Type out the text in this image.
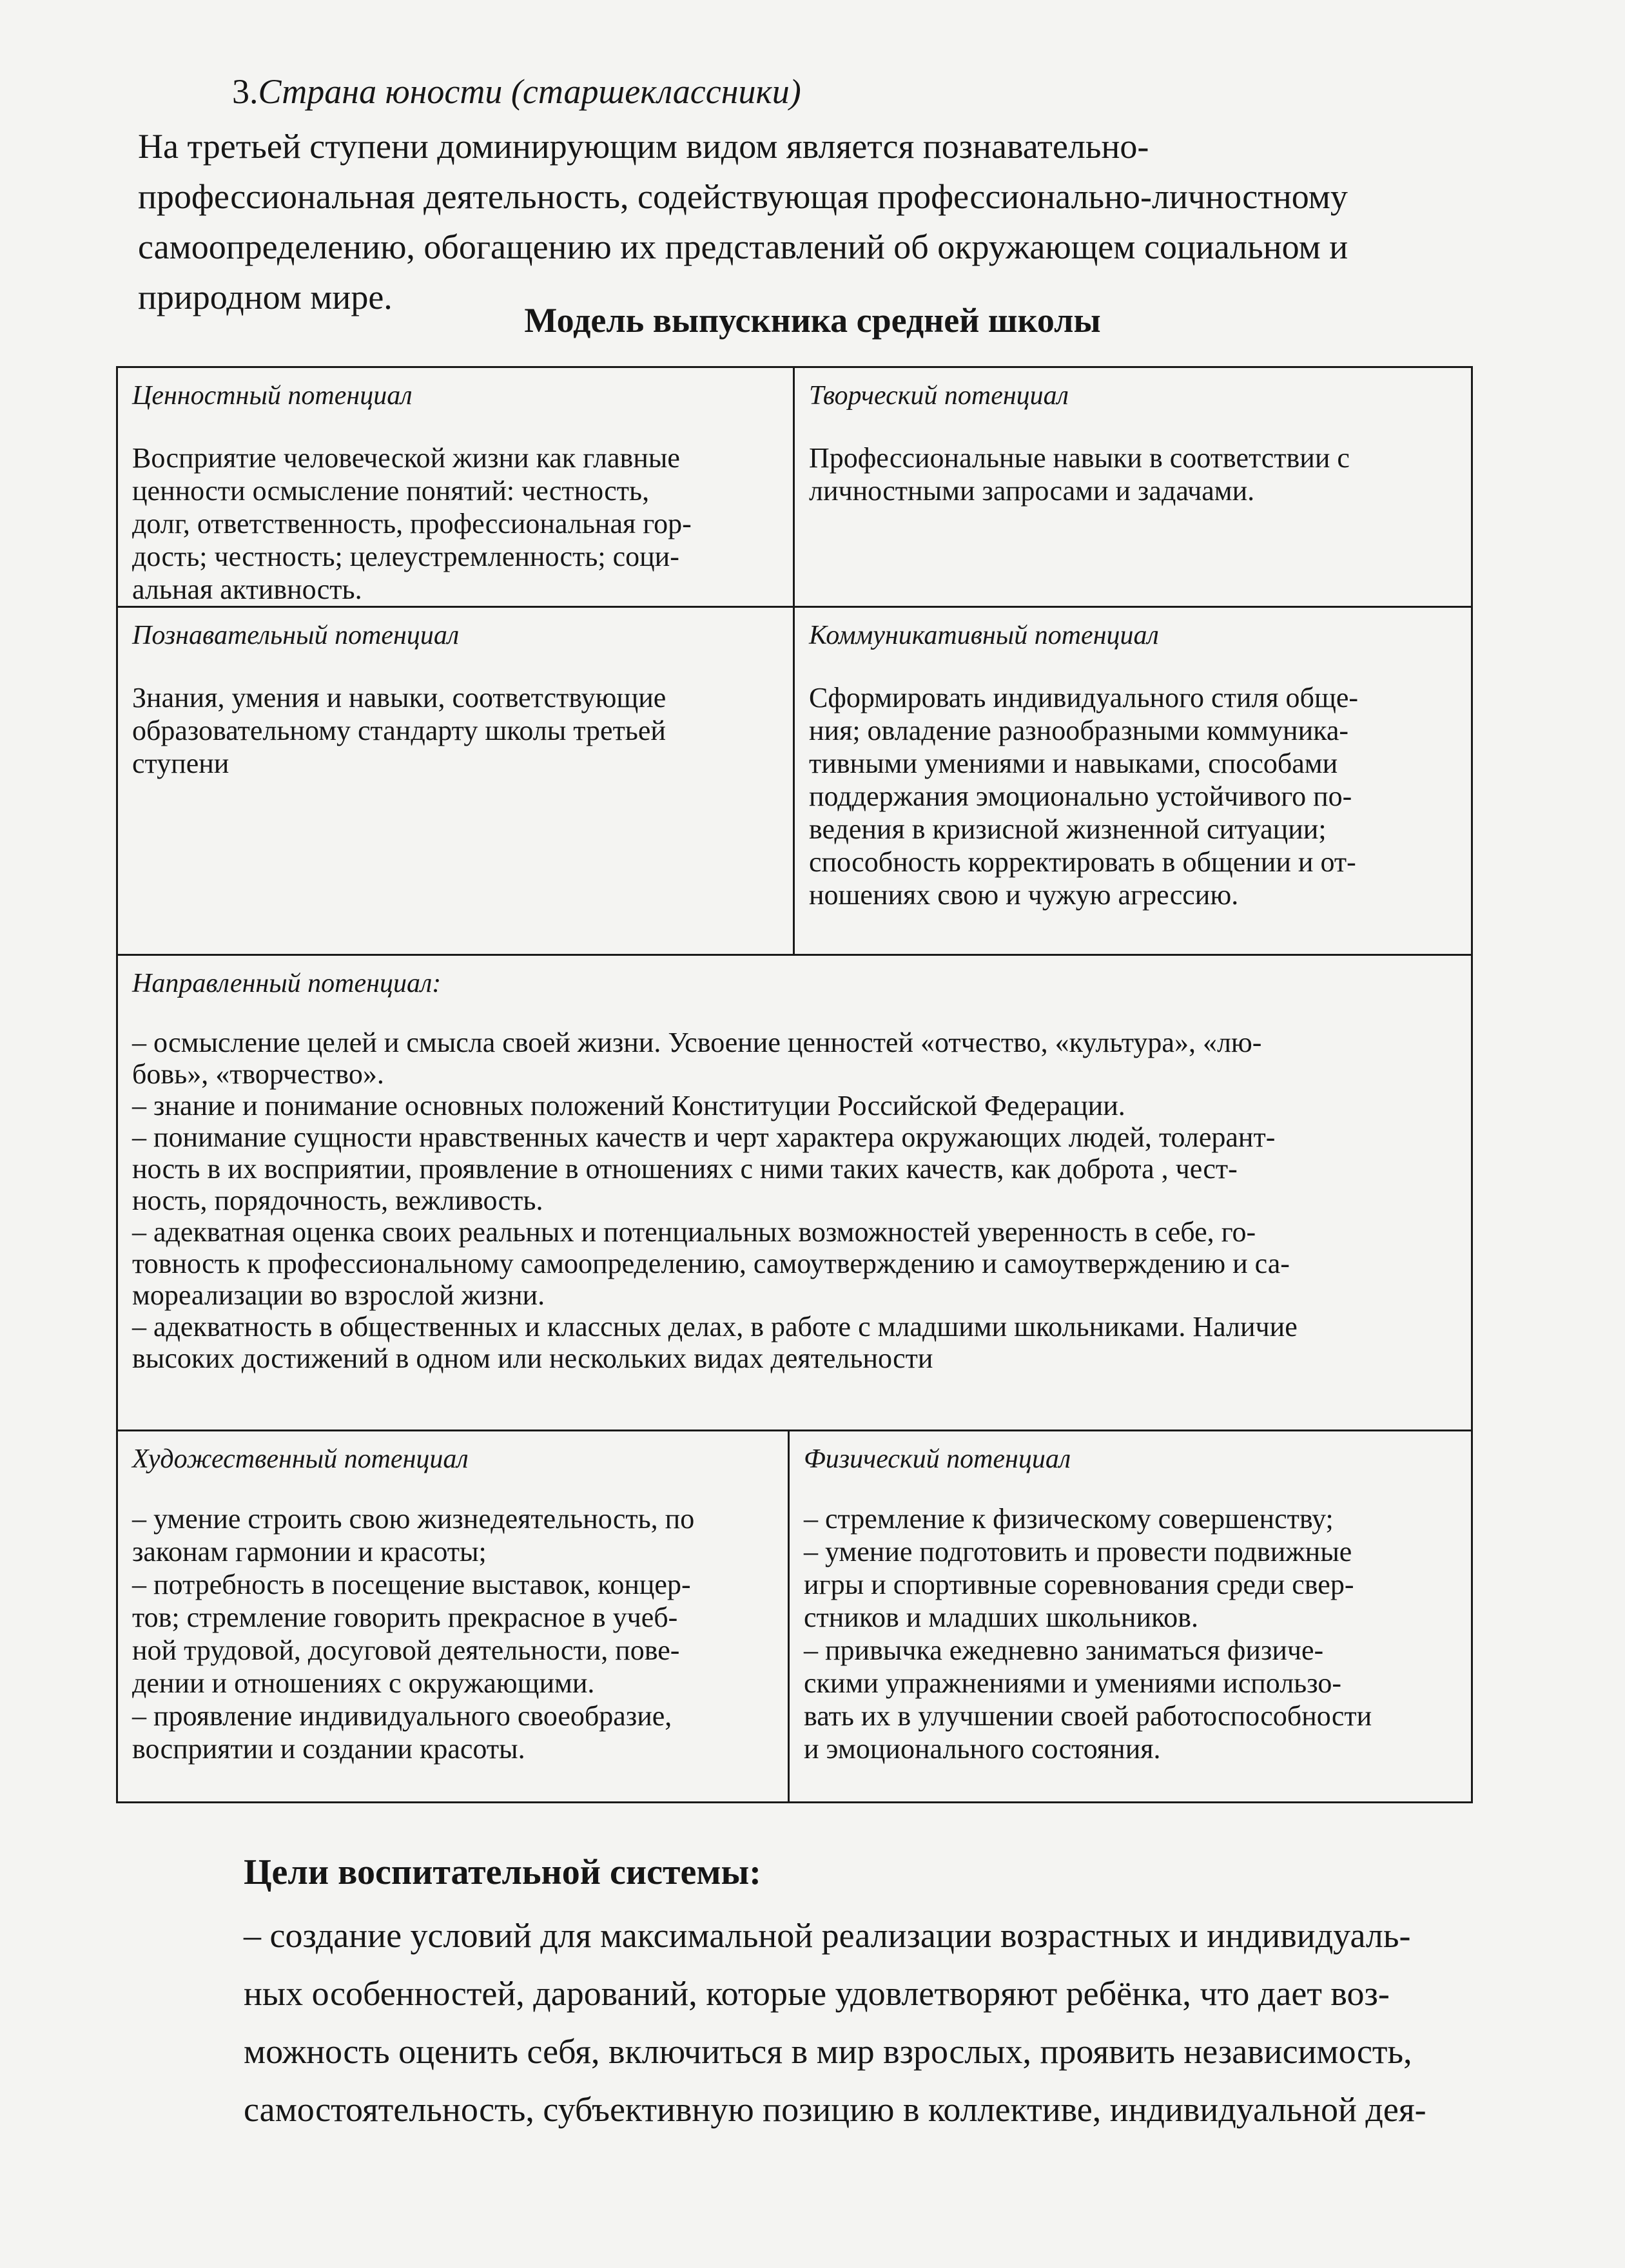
3.Страна юности (старшеклассники)
На третьей ступени доминирующим видом является познавательно-
профессиональная деятельность, содействующая профессионально-личностному
самоопределению, обогащению их представлений об окружающем социальном и
природном мире.
Модель выпускника средней школы
Ценностный потенциал
Восприятие человеческой жизни как главные
ценности осмысление понятий: честность,
долг, ответственность, профессиональная гор-
дость; честность; целеустремленность; соци-
альная активность.
Творческий потенциал
Профессиональные навыки в соответствии с
личностными запросами и задачами.
Познавательный потенциал
Знания, умения и навыки, соответствующие
образовательному стандарту школы третьей
ступени
Коммуникативный потенциал
Сформировать индивидуального стиля обще-
ния; овладение разнообразными коммуника-
тивными умениями и навыками, способами
поддержания эмоционально устойчивого по-
ведения в кризисной жизненной ситуации;
способность корректировать в общении и от-
ношениях свою и чужую агрессию.
Направленный потенциал:
– осмысление целей и смысла своей жизни. Усвоение ценностей «отчество, «культура», «лю-
бовь», «творчество».
– знание и понимание основных положений Конституции Российской Федерации.
– понимание сущности нравственных качеств и черт характера окружающих людей, толерант-
ность в их восприятии, проявление в отношениях с ними таких качеств, как доброта , чест-
ность, порядочность, вежливость.
– адекватная оценка своих реальных и потенциальных возможностей уверенность в себе, го-
товность к профессиональному самоопределению, самоутверждению и самоутверждению и са-
мореализации во взрослой жизни.
– адекватность в общественных и классных делах, в работе с младшими школьниками. Наличие
высоких достижений в одном или нескольких видах деятельности
Художественный потенциал
– умение строить свою жизнедеятельность, по
законам гармонии и красоты;
– потребность в посещение выставок, концер-
тов; стремление говорить прекрасное в учеб-
ной трудовой, досуговой деятельности, пове-
дении и отношениях с окружающими.
– проявление индивидуального своеобразие,
восприятии и создании красоты.
Физический потенциал
– стремление к физическому совершенству;
– умение подготовить и провести подвижные
игры и спортивные соревнования среди свер-
стников и младших школьников.
– привычка ежедневно заниматься физиче-
скими упражнениями и умениями использо-
вать их в улучшении своей работоспособности
и эмоционального состояния.
Цели воспитательной системы:
– создание условий для максимальной реализации возрастных и индивидуаль-
ных особенностей, дарований, которые удовлетворяют ребёнка, что дает воз-
можность оценить себя, включиться в мир взрослых, проявить независимость,
самостоятельность, субъективную позицию в коллективе, индивидуальной дея-
